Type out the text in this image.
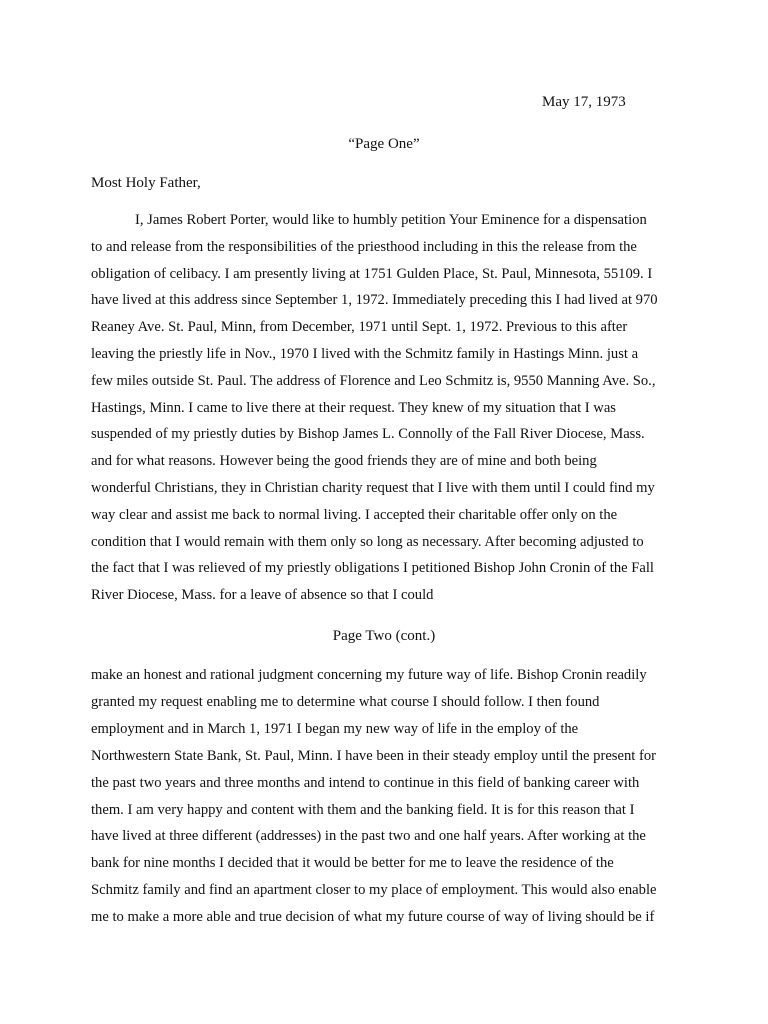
May 17, 1973
“Page One”
Most Holy Father,
I, James Robert Porter, would like to humbly petition Your Eminence for a dispensation
to and release from the responsibilities of the priesthood including in this the release from the
obligation of celibacy. I am presently living at 1751 Gulden Place, St. Paul, Minnesota, 55109. I
have lived at this address since September 1, 1972. Immediately preceding this I had lived at 970
Reaney Ave. St. Paul, Minn, from December, 1971 until Sept. 1, 1972. Previous to this after
leaving the priestly life in Nov., 1970 I lived with the Schmitz family in Hastings Minn. just a
few miles outside St. Paul. The address of Florence and Leo Schmitz is, 9550 Manning Ave. So.,
Hastings, Minn. I came to live there at their request. They knew of my situation that I was
suspended of my priestly duties by Bishop James L. Connolly of the Fall River Diocese, Mass.
and for what reasons. However being the good friends they are of mine and both being
wonderful Christians, they in Christian charity request that I live with them until I could find my
way clear and assist me back to normal living. I accepted their charitable offer only on the
condition that I would remain with them only so long as necessary. After becoming adjusted to
the fact that I was relieved of my priestly obligations I petitioned Bishop John Cronin of the Fall
River Diocese, Mass. for a leave of absence so that I could
Page Two (cont.)
make an honest and rational judgment concerning my future way of life. Bishop Cronin readily
granted my request enabling me to determine what course I should follow. I then found
employment and in March 1, 1971 I began my new way of life in the employ of the
Northwestern State Bank, St. Paul, Minn. I have been in their steady employ until the present for
the past two years and three months and intend to continue in this field of banking career with
them. I am very happy and content with them and the banking field. It is for this reason that I
have lived at three different (addresses) in the past two and one half years. After working at the
bank for nine months I decided that it would be better for me to leave the residence of the
Schmitz family and find an apartment closer to my place of employment. This would also enable
me to make a more able and true decision of what my future course of way of living should be if
